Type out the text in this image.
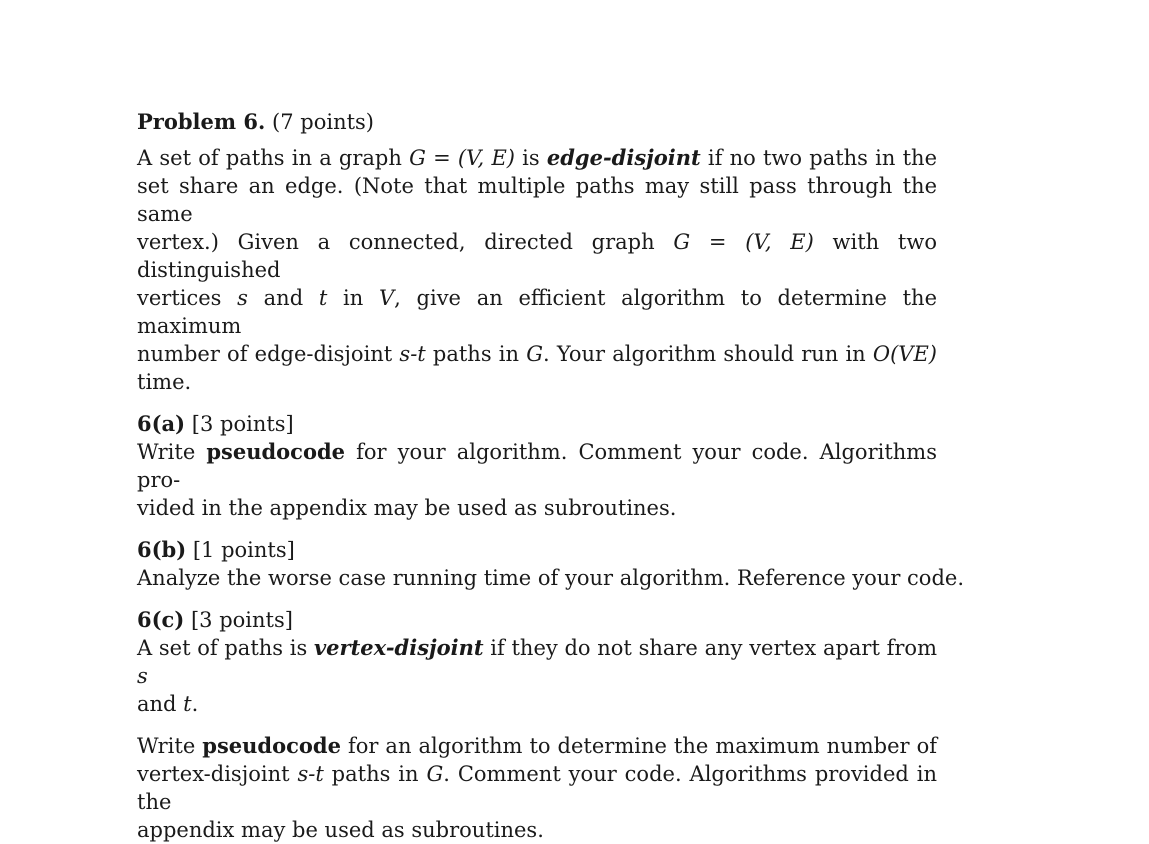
Problem 6. (7 points)
A set of paths in a graph G = (V, E) is edge-disjoint if no two paths in the
set share an edge. (Note that multiple paths may still pass through the same
vertex.) Given a connected, directed graph G = (V, E) with two distinguished
vertices s and t in V, give an efficient algorithm to determine the maximum
number of edge-disjoint s-t paths in G. Your algorithm should run in O(VE)
time.
6(a) [3 points]
Write pseudocode for your algorithm. Comment your code. Algorithms pro-
vided in the appendix may be used as subroutines.
6(b) [1 points]
Analyze the worse case running time of your algorithm. Reference your code.
6(c) [3 points]
A set of paths is vertex-disjoint if they do not share any vertex apart from s
and t.
Write pseudocode for an algorithm to determine the maximum number of
vertex-disjoint s-t paths in G. Comment your code. Algorithms provided in the
appendix may be used as subroutines.
